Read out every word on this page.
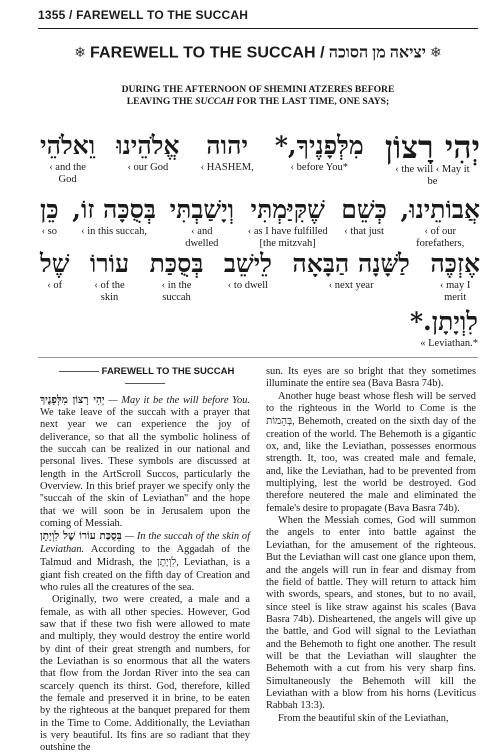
1355 / FAREWELL TO THE SUCCAH
❄ FAREWELL TO THE SUCCAH / יציאה מן הסוכה ❄
DURING THE AFTERNOON OF SHEMINI ATZERES BEFORE
LEAVING THE SUCCAH FOR THE LAST TIME, ONE SAYS;
יְהִי רָצוֹן
‹ the will ‹ May it
be
מִלְּפָנֶיךָ,*
‹ before You*
יהוה
‹ HASHEM,
אֱלֹהֵינוּ
‹ our God
וֵאלֹהֵי
‹ and the
God
אֲבוֹתֵינוּ,
‹ of our
forefathers,
כְּשֵׁם
‹ that just
שֶׁקִּיַּמְתִּי
‹ as I have fulfilled
[the mitzvah]
וְיָשַׁבְתִּי
‹ and
dwelled
בְּסֻכָּה זוֹ,
‹ in this succah,
כֵּן
‹ so
אֶזְכֶּה
‹ may I
merit
לַשָּׁנָה הַבָּאָה
‹ next year
לֵישֵׁב
‹ to dwell
בְּסֻכַּת
‹ in the
succah
עוֹרוֹ
‹ of the
skin
שֶׁל
‹ of
לִוְיָתָן.*
« Leviathan.*
FAREWELL TO THE SUCCAH

יְהִי רָצוֹן מִלְּפָנֶיךָ — May it be the will before You. We take leave of the succah with a prayer that next year we can experience the joy of deliverance, so that all the symbolic holiness of the succah can be realized in our national and personal lives. These symbols are discussed at length in the ArtScroll Succos, particularly the Overview. In this brief prayer we specify only the ''succah of the skin of Leviathan'' and the hope that we will soon be in Jerusalem upon the coming of Messiah.

בְּסֻכַּת עוֹרוֹ שֶׁל לִוְיָתָן — In the succah of the skin of Leviathan. According to the Aggadah of the Talmud and Midrash, the לִוְיָתָן, Leviathan, is a giant fish created on the fifth day of Creation and who rules all the creatures of the sea.

Originally, two were created, a male and a female, as with all other species. However, God saw that if these two fish were allowed to mate and multiply, they would destroy the entire world by dint of their great strength and numbers, for the Leviathan is so enormous that all the waters that flow from the Jordan River into the sea can scarcely quench its thirst. God, therefore, killed the female and preserved it in brine, to be eaten by the righteous at the banquet prepared for them in the Time to Come. Additionally, the Leviathan is very beautiful. Its fins are so radiant that they outshine the

sun. Its eyes are so bright that they sometimes illuminate the entire sea (Bava Basra 74b).

Another huge beast whose flesh will be served to the righteous in the World to Come is the בְּהֵמוֹת, Behemoth, created on the sixth day of the creation of the world. The Behemoth is a gigantic ox, and, like the Leviathan, possesses enormous strength. It, too, was created male and female, and, like the Leviathan, had to be prevented from multiplying, lest the world be destroyed. God therefore neutered the male and eliminated the female's desire to propagate (Bava Basra 74b).

When the Messiah comes, God will summon the angels to enter into battle against the Leviathan, for the amusement of the righteous. But the Leviathan will cast one glance upon them, and the angels will run in fear and dismay from the field of battle. They will return to attack him with swords, spears, and stones, but to no avail, since steel is like straw against his scales (Bava Basra 74b). Disheartened, the angels will give up the battle, and God will signal to the Leviathan and the Behemoth to fight one another. The result will be that the Leviathan will slaughter the Behemoth with a cut from his very sharp fins. Simultaneously the Behemoth will kill the Leviathan with a blow from his horns (Leviticus Rabbah 13:3).

From the beautiful skin of the Leviathan,
